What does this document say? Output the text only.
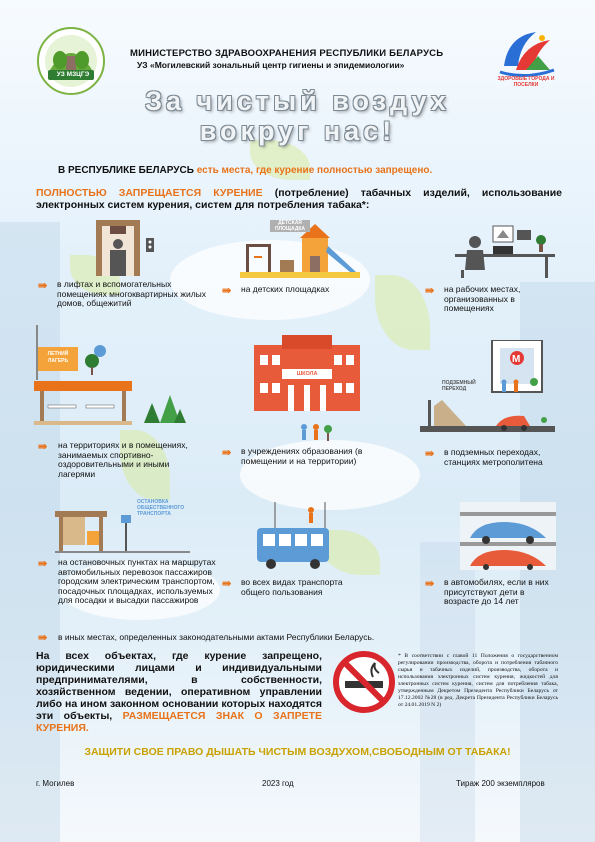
УЗ МЗЦГЭ
МИНИСТЕРСТВО ЗДРАВООХРАНЕНИЯ РЕСПУБЛИКИ БЕЛАРУСЬ
УЗ «Могилевский зональный центр гигиены и эпидемиологии»
ЗДОРОВЫЕ ГОРОДА И ПОСЕЛКИ
За чистый воздух
вокруг нас!
В РЕСПУБЛИКЕ БЕЛАРУСЬ есть места, где курение полностью запрещено.
ПОЛНОСТЬЮ ЗАПРЕЩАЕТСЯ КУРЕНИЕ (потребление) табачных изделий, использование электронных систем курения, систем для потребления табака*:
⇛ в лифтах и вспомогательных помещениях многоквартирных жилых домов, общежитий
ДЕТСКАЯ ПЛОЩАДКА
⇛ на детских площадках	⇛ на рабочих местах, организованных в помещениях
ЛЕТНИЙ ЛАГЕРЬ
⇛ на территориях и в помещениях, занимаемых спортивно-оздоровительными и иными лагерями
ШКОЛА
⇛ в учреждениях образования (в помещении и на территории)
М
ПОДЗЕМНЫЙ ПЕРЕХОД
⇛ в подземных переходах, станциях метрополитена
ОСТАНОВКА ОБЩЕСТВЕННОГО ТРАНСПОРТА
⇛ на остановочных пунктах на маршрутах автомобильных перевозок пассажиров городским электрическим транспортом, посадочных площадках, используемых для посадки и высадки пассажиров
⇛ во всех видах транспорта общего пользования
⇛ в автомобилях, если в них присутствуют дети в возрасте до 14 лет
⇛ в иных местах, определенных законодательными актами Республики Беларусь.
На всех объектах, где курение запрещено, юридическими лицами и индивидуальными предпринимателями, в собственности, хозяйственном ведении, оперативном управлении либо на ином законном основании которых находятся эти объекты, РАЗМЕЩАЕТСЯ ЗНАК О ЗАПРЕТЕ КУРЕНИЯ.
* В соответствии с главой 11 Положения о государственном регулировании производства, оборота и потребления табачного сырья и табачных изделий, производства, оборота и использования электронных систем курения, жидкостей для электронных систем курения, систем для потребления табака, утвержденным Декретом Президента Республики Беларусь от 17.12.2002 №28 (в ред. Декрета Президента Республики Беларусь от 24.01.2019 N 2)
ЗАЩИТИ СВОЕ ПРАВО ДЫШАТЬ ЧИСТЫМ ВОЗДУХОМ,СВОБОДНЫМ ОТ ТАБАКА!
г. Могилев	2023 год	Тираж 200 экземпляров
